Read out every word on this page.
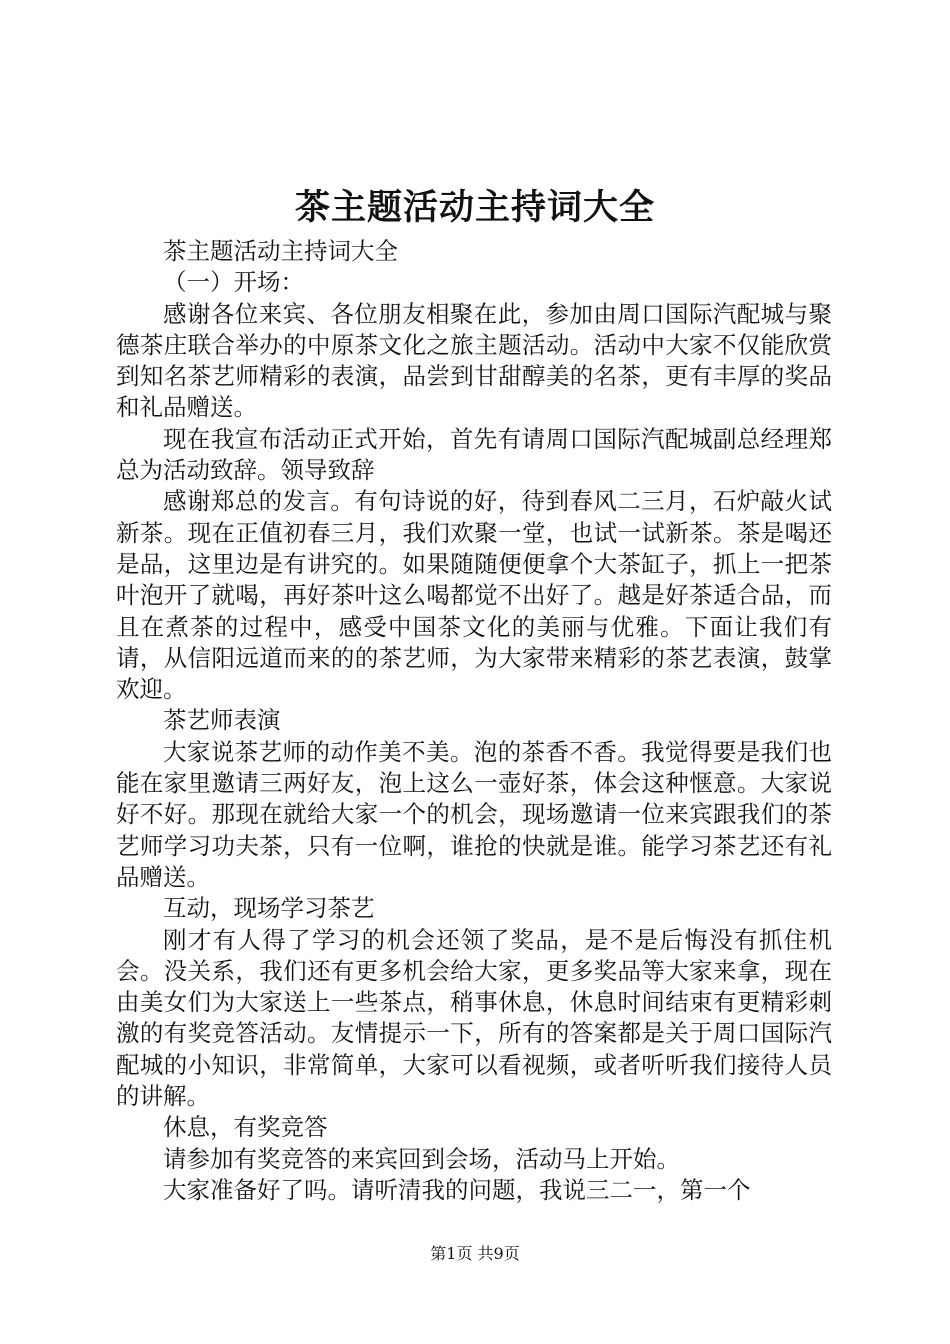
茶主题活动主持词大全

茶主题活动主持词大全

（一）开场：

感谢各位来宾、各位朋友相聚在此，参加由周口国际汽配城与聚德茶庄联合举办的中原茶文化之旅主题活动。活动中大家不仅能欣赏到知名茶艺师精彩的表演，品尝到甘甜醇美的名茶，更有丰厚的奖品和礼品赠送。

现在我宣布活动正式开始，首先有请周口国际汽配城副总经理郑总为活动致辞。领导致辞

感谢郑总的发言。有句诗说的好，待到春风二三月，石炉敲火试新茶。现在正值初春三月，我们欢聚一堂，也试一试新茶。茶是喝还是品，这里边是有讲究的。如果随随便便拿个大茶缸子，抓上一把茶叶泡开了就喝，再好茶叶这么喝都觉不出好了。越是好茶适合品，而且在煮茶的过程中，感受中国茶文化的美丽与优雅。下面让我们有请，从信阳远道而来的的茶艺师，为大家带来精彩的茶艺表演，鼓掌欢迎。

茶艺师表演

大家说茶艺师的动作美不美。泡的茶香不香。我觉得要是我们也能在家里邀请三两好友，泡上这么一壶好茶，体会这种惬意。大家说好不好。那现在就给大家一个的机会，现场邀请一位来宾跟我们的茶艺师学习功夫茶，只有一位啊，谁抢的快就是谁。能学习茶艺还有礼品赠送。

互动，现场学习茶艺

刚才有人得了学习的机会还领了奖品，是不是后悔没有抓住机会。没关系，我们还有更多机会给大家，更多奖品等大家来拿，现在由美女们为大家送上一些茶点，稍事休息，休息时间结束有更精彩刺激的有奖竞答活动。友情提示一下，所有的答案都是关于周口国际汽配城的小知识，非常简单，大家可以看视频，或者听听我们接待人员的讲解。

休息，有奖竞答

请参加有奖竞答的来宾回到会场，活动马上开始。

大家准备好了吗。请听清我的问题，我说三二一，第一个

第1页 共9页
